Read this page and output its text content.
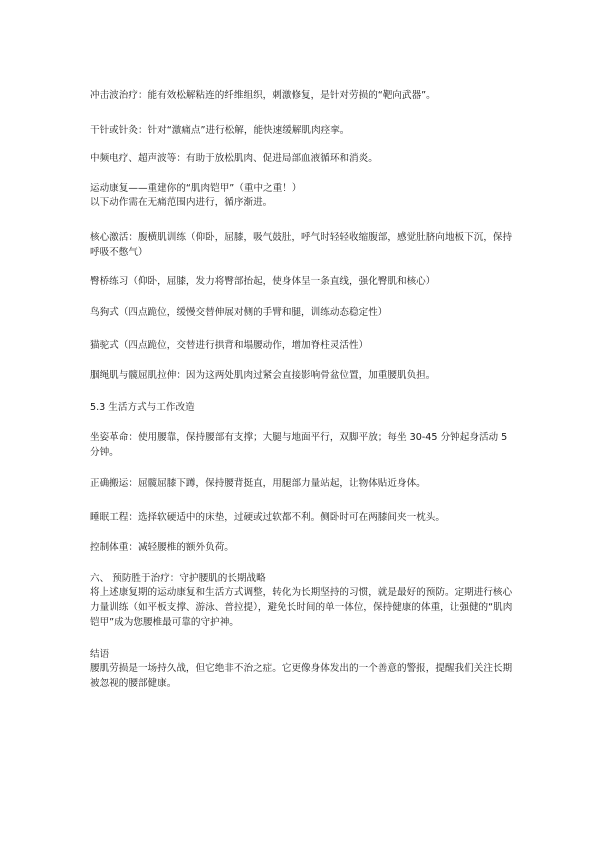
冲击波治疗：能有效松解粘连的纤维组织，刺激修复，是针对劳损的“靶向武器”。

干针或针灸：针对“激痛点”进行松解，能快速缓解肌肉痉挛。

中频电疗、超声波等：有助于放松肌肉、促进局部血液循环和消炎。

运动康复——重建你的“肌肉铠甲”（重中之重！）

以下动作需在无痛范围内进行，循序渐进。

核心激活：腹横肌训练（仰卧，屈膝，吸气鼓肚，呼气时轻轻收缩腹部，感觉肚脐向地板下沉，保持呼吸不憋气）

臀桥练习（仰卧，屈膝，发力将臀部抬起，使身体呈一条直线，强化臀肌和核心）

鸟狗式（四点跪位，缓慢交替伸展对侧的手臂和腿，训练动态稳定性）

猫驼式（四点跪位，交替进行拱背和塌腰动作，增加脊柱灵活性）

腘绳肌与髋屈肌拉伸：因为这两处肌肉过紧会直接影响骨盆位置，加重腰肌负担。

5.3 生活方式与工作改造

坐姿革命：使用腰靠，保持腰部有支撑；大腿与地面平行，双脚平放；每坐 30-45 分钟起身活动 5 分钟。

正确搬运：屈髋屈膝下蹲，保持腰背挺直，用腿部力量站起，让物体贴近身体。

睡眠工程：选择软硬适中的床垫，过硬或过软都不利。侧卧时可在两膝间夹一枕头。

控制体重：减轻腰椎的额外负荷。

六、 预防胜于治疗：守护腰肌的长期战略

将上述康复期的运动康复和生活方式调整，转化为长期坚持的习惯，就是最好的预防。定期进行核心力量训练（如平板支撑、游泳、普拉提），避免长时间的单一体位，保持健康的体重，让强健的“肌肉铠甲”成为您腰椎最可靠的守护神。

结语

腰肌劳损是一场持久战，但它绝非不治之症。它更像身体发出的一个善意的警报，提醒我们关注长期被忽视的腰部健康。
